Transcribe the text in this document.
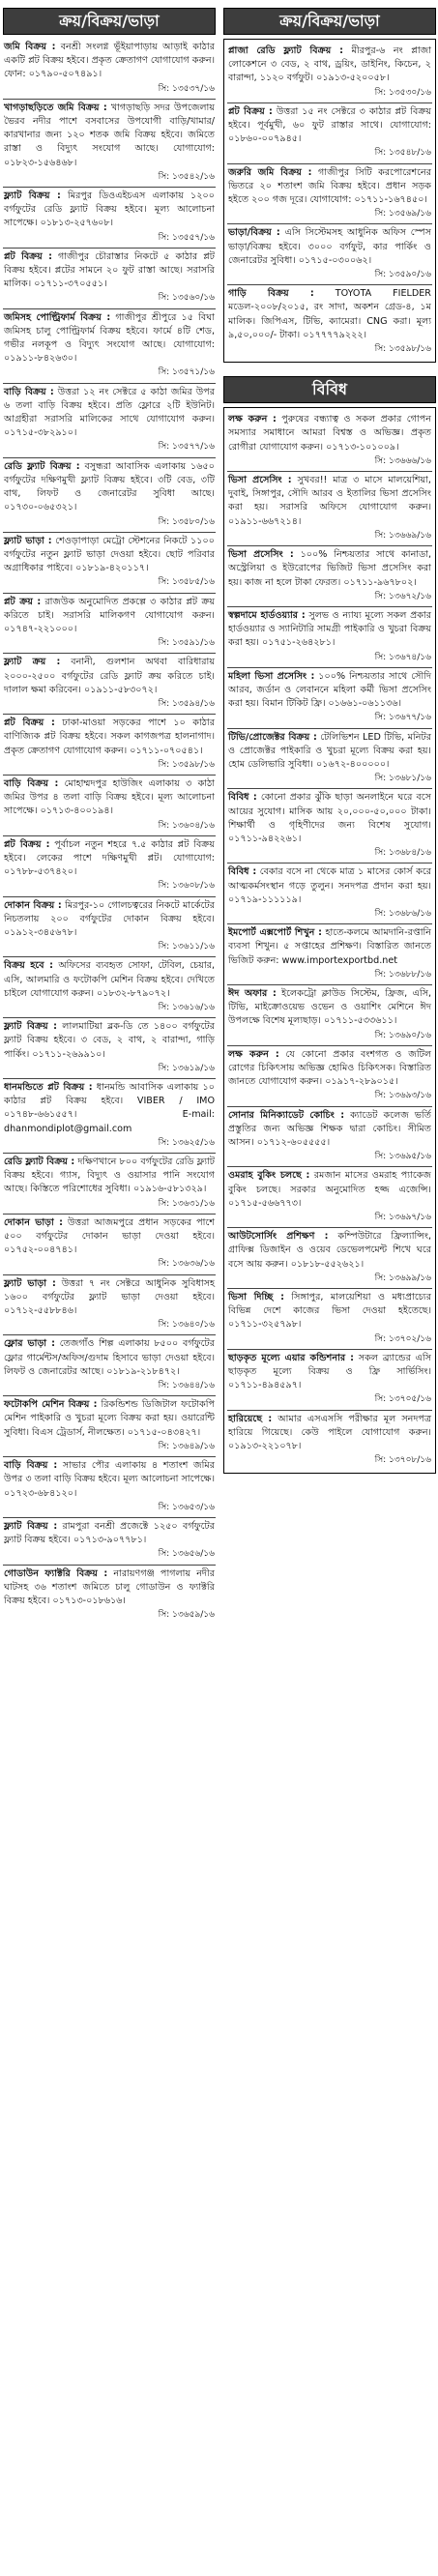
ক্রয়/বিক্রয়/ভাড়া
জমি বিক্রয় : বনশ্রী সংলগ্ন ভূঁইয়াপাড়ায় আড়াই কাঠার একটি প্লট বিক্রয় হইবে। প্রকৃত ক্রেতাগণ যোগাযোগ করুন। ফোন: ০১৭৯০-৫০৭৪৯১।
সি: ১৩৫৩৭/১৬
খাগড়াছড়িতে জমি বিক্রয় : খাগড়াছড়ি সদর উপজেলায় ভৈরব নদীর পাশে বসবাসের উপযোগী বাড়ি/খামার/কারখানার জন্য ১২০ শতক জমি বিক্রয় হইবে। জমিতে রাস্তা ও বিদ্যুৎ সংযোগ আছে। যোগাযোগ: ০১৮২৩-১৫৬৪৬৮।
সি: ১৩৫৪২/১৬
ফ্ল্যাট বিক্রয় : মিরপুর ডিওএইচএস এলাকায় ১২০০ বর্গফুটের রেডি ফ্ল্যাট বিক্রয় হইবে। মূল্য আলোচনা সাপেক্ষে। ০১৮১৩-২৫৭৬০৮।
সি: ১৩৫৫৭/১৬
প্লট বিক্রয় : গাজীপুর চৌরাস্তার নিকটে ৫ কাঠার প্লট বিক্রয় হইবে। প্লটের সামনে ২০ ফুট রাস্তা আছে। সরাসরি মালিক। ০১৭১১-৩৭০৫৫১।
সি: ১৩৫৬০/১৬
জমিসহ পোল্ট্রিফার্ম বিক্রয় : গাজীপুর শ্রীপুরে ১৫ বিঘা জমিসহ চালু পোল্ট্রিফার্ম বিক্রয় হইবে। ফার্মে ৪টি শেড, গভীর নলকূপ ও বিদ্যুৎ সংযোগ আছে। যোগাযোগ: ০১৯১১-৮৪২৬৩০।
সি: ১৩৫৭১/১৬
বাড়ি বিক্রয় : উত্তরা ১২ নং সেক্টরে ৫ কাঠা জমির উপর ৬ তলা বাড়ি বিক্রয় হইবে। প্রতি ফ্লোরে ২টি ইউনিট। আগ্রহীরা সরাসরি মালিকের সাথে যোগাযোগ করুন। ০১৭১৫-৩৮২৯১০।
সি: ১৩৫৭৭/১৬
রেডি ফ্ল্যাট বিক্রয় : বসুন্ধরা আবাসিক এলাকায় ১৬৫০ বর্গফুটের দক্ষিণমুখী ফ্ল্যাট বিক্রয় হইবে। ৩টি বেড, ৩টি বাথ, লিফট ও জেনারেটর সুবিধা আছে। ০১৭৩০-০৬৫৩২১।
সি: ১৩৫৮০/১৬
ফ্ল্যাট ভাড়া : শেওড়াপাড়া মেট্রো স্টেশনের নিকটে ১১০০ বর্গফুটের নতুন ফ্ল্যাট ভাড়া দেওয়া হইবে। ছোট পরিবার অগ্রাধিকার পাইবে। ০১৮১৯-৪২০১১৭।
সি: ১৩৫৮৫/১৬
প্লট ক্রয় : রাজউক অনুমোদিত প্রকল্পে ৩ কাঠার প্লট ক্রয় করিতে চাই। সরাসরি মালিকগণ যোগাযোগ করুন। ০১৭৪৭-২২১০০০।
সি: ১৩৫৯১/১৬
ফ্ল্যাট ক্রয় : বনানী, গুলশান অথবা বারিধারায় ২০০০-২৫০০ বর্গফুটের রেডি ফ্ল্যাট ক্রয় করিতে চাই। দালাল ক্ষমা করিবেন। ০১৯১১-৫৮৩০৭২।
সি: ১৩৫৯৪/১৬
প্লট বিক্রয় : ঢাকা-মাওয়া সড়কের পাশে ১০ কাঠার বাণিজ্যিক প্লট বিক্রয় হইবে। সকল কাগজপত্র হালনাগাদ। প্রকৃত ক্রেতাগণ যোগাযোগ করুন। ০১৭১১-০৭০৫৪১।
সি: ১৩৫৯৮/১৬
বাড়ি বিক্রয় : মোহাম্মদপুর হাউজিং এলাকায় ৩ কাঠা জমির উপর ৪ তলা বাড়ি বিক্রয় হইবে। মূল্য আলোচনা সাপেক্ষে। ০১৭১৩-৪০০১৯৪।
সি: ১৩৬০৪/১৬
প্লট বিক্রয় : পূর্বাচল নতুন শহরে ৭.৫ কাঠার প্লট বিক্রয় হইবে। লেকের পাশে দক্ষিণমুখী প্লট। যোগাযোগ: ০১৭৮৮-৫৩৭৪২০।
সি: ১৩৬০৮/১৬
দোকান বিক্রয় : মিরপুর-১০ গোলচত্বরের নিকটে মার্কেটের নিচতলায় ২০০ বর্গফুটের দোকান বিক্রয় হইবে। ০১৯১২-৩৪৫৬৭৮।
সি: ১৩৬১১/১৬
বিক্রয় হবে : অফিসের ব্যবহৃত সোফা, টেবিল, চেয়ার, এসি, আলমারি ও ফটোকপি মেশিন বিক্রয় হইবে। দেখিতে চাইলে যোগাযোগ করুন। ০১৮৩২-৮৭৯০৭২।
সি: ১৩৬১৬/১৬
ফ্ল্যাট বিক্রয় : লালমাটিয়া ব্লক-ডি তে ১৪০০ বর্গফুটের ফ্ল্যাট বিক্রয় হইবে। ৩ বেড, ২ বাথ, ২ বারান্দা, গাড়ি পার্কিং। ০১৭১১-২৬৯৯১০।
সি: ১৩৬১৯/১৬
ধানমন্ডিতে প্লট বিক্রয় : ধানমন্ডি আবাসিক এলাকায় ১০ কাঠার প্লট বিক্রয় হইবে। VIBER / IMO ০১৭৪৮-৬৬১৫৫৭। E-mail: dhanmondiplot@gmail.com
সি: ১৩৬২৫/১৬
রেডি ফ্ল্যাট বিক্রয় : দক্ষিণখানে ৮০০ বর্গফুটের রেডি ফ্ল্যাট বিক্রয় হইবে। গ্যাস, বিদ্যুৎ ও ওয়াসার পানি সংযোগ আছে। কিস্তিতে পরিশোধের সুবিধা। ০১৯১৬-৫৮১৩২৯।
সি: ১৩৬৩১/১৬
দোকান ভাড়া : উত্তরা আজমপুরে প্রধান সড়কের পাশে ৫০০ বর্গফুটের দোকান ভাড়া দেওয়া হইবে। ০১৭৫২-০০৪৭৪১।
সি: ১৩৬৩৬/১৬
ফ্ল্যাট ভাড়া : উত্তরা ৭ নং সেক্টরে আধুনিক সুবিধাসহ ১৬০০ বর্গফুটের ফ্ল্যাট ভাড়া দেওয়া হইবে। ০১৭১২-৫৫৮৮৪৬।
সি: ১৩৬৪০/১৬
ফ্লোর ভাড়া : তেজগাঁও শিল্প এলাকায় ৮৫০০ বর্গফুটের ফ্লোর গার্মেন্টস/অফিস/গুদাম হিসাবে ভাড়া দেওয়া হইবে। লিফট ও জেনারেটর আছে। ০১৮১৯-২১৮৪৭২।
সি: ১৩৬৪৪/১৬
ফটোকপি মেশিন বিক্রয় : রিকন্ডিশন্ড ডিজিটাল ফটোকপি মেশিন পাইকারি ও খুচরা মূল্যে বিক্রয় করা হয়। ওয়ারেন্টি সুবিধা। বিএস ট্রেডার্স, নীলক্ষেত। ০১৭১৫-০৪৩৪২৭।
সি: ১৩৬৪৯/১৬
বাড়ি বিক্রয় : সাভার পৌর এলাকায় ৪ শতাংশ জমির উপর ৩ তলা বাড়ি বিক্রয় হইবে। মূল্য আলোচনা সাপেক্ষে। ০১৭২৩-৬৮৪১২০।
সি: ১৩৬৫৩/১৬
ফ্ল্যাট বিক্রয় : রামপুরা বনশ্রী প্রজেক্টে ১২৫০ বর্গফুটের ফ্ল্যাট বিক্রয় হইবে। ০১৭১৩-৯০৭৭৮১।
সি: ১৩৬৫৬/১৬
গোডাউন ফ্যাক্টরি বিক্রয় : নারায়ণগঞ্জ পাগলায় নদীর ঘাটসহ ৩৬ শতাংশ জমিতে চালু গোডাউন ও ফ্যাক্টরি বিক্রয় হইবে। ০১৭১৩-০১৮৬১৬।
সি: ১৩৬৫৯/১৬
ক্রয়/বিক্রয়/ভাড়া
প্লাজা রেডি ফ্ল্যাট বিক্রয় : মীরপুর-৬ নং প্লাজা লোকেশনে ৩ বেড, ২ বাথ, ড্রয়িং, ডাইনিং, কিচেন, ২ বারান্দা, ১১২০ বর্গফুট। ০১৯১৩-৫২০০৫৮।
সি: ১৩৫৩০/১৬
প্লট বিক্রয় : উত্তরা ১৫ নং সেক্টরে ৩ কাঠার প্লট বিক্রয় হইবে। পূর্বমুখী, ৬০ ফুট রাস্তার সাথে। যোগাযোগ: ০১৮৬০-০০৭৯৪৫।
সি: ১৩৫৪৮/১৬
জরুরি জমি বিক্রয় : গাজীপুর সিটি করপোরেশনের ভিতরে ২০ শতাংশ জমি বিক্রয় হইবে। প্রধান সড়ক হইতে ২০০ গজ দূরে। যোগাযোগ: ০১৭১১-১৬৭৪৫০।
সি: ১৩৫৬৯/১৬
ভাড়া/বিক্রয় : এসি সিস্টেমসহ আধুনিক অফিস স্পেস ভাড়া/বিক্রয় হইবে। ৩০০০ বর্গফুট, কার পার্কিং ও জেনারেটর সুবিধা। ০১৭১৫-০৩০০৬২।
সি: ১৩৫৯০/১৬
গাড়ি বিক্রয় : TOYOTA FIELDER মডেল-২০০৮/২০১৫, রং সাদা, অকশন গ্রেড-৪, ১ম মালিক। জিপিএস, টিভি, ক্যামেরা। CNG করা। মূল্য ৯,৫০,০০০/- টাকা। ০১৭৭৭৭৯২২২।
সি: ১৩৫৯৮/১৬
বিবিধ
লক্ষ করুন : পুরুষের বন্ধ্যাত্ব ও সকল প্রকার গোপন সমস্যার সমাধানে আমরা বিশ্বস্ত ও অভিজ্ঞ। প্রকৃত রোগীরা যোগাযোগ করুন। ০১৭১৩-১০১০০৯।
সি: ১৩৬৬৬/১৬
ভিসা প্রসেসিং : সুখবর!! মাত্র ৩ মাসে মালয়েশিয়া, দুবাই, সিঙ্গাপুর, সৌদি আরব ও ইতালির ভিসা প্রসেসিং করা হয়। সরাসরি অফিসে যোগাযোগ করুন। ০১৯১১-৬৬৭২১৪।
সি: ১৩৬৬৯/১৬
ভিসা প্রসেসিং : ১০০% নিশ্চয়তার সাথে কানাডা, অস্ট্রেলিয়া ও ইউরোপের ভিজিট ভিসা প্রসেসিং করা হয়। কাজ না হলে টাকা ফেরত। ০১৭১১-৯৬৭৮০২।
সি: ১৩৬৭২/১৬
স্বল্পদামে হার্ডওয়্যার : সুলভ ও ন্যায্য মূল্যে সকল প্রকার হার্ডওয়্যার ও স্যানিটারি সামগ্রী পাইকারি ও খুচরা বিক্রয় করা হয়। ০১৭৫১-২৬৪২৮১।
সি: ১৩৬৭৪/১৬
মহিলা ভিসা প্রসেসিং : ১০০% নিশ্চয়তার সাথে সৌদি আরব, জর্ডান ও লেবাননে মহিলা কর্মী ভিসা প্রসেসিং করা হয়। বিমান টিকিট ফ্রি। ০১৬৬১-০৬১১৩৬।
সি: ১৩৬৭৭/১৬
টিভি/প্রোজেক্টর বিক্রয় : টেলিভিশন LED টিভি, মনিটর ও প্রোজেক্টর পাইকারি ও খুচরা মূল্যে বিক্রয় করা হয়। হোম ডেলিভারি সুবিধা। ০১৬৭২-৪০০০০০।
সি: ১৩৬৮১/১৬
বিবিধ : কোনো প্রকার ঝুঁকি ছাড়া অনলাইনে ঘরে বসে আয়ের সুযোগ। মাসিক আয় ২০,০০০-৫০,০০০ টাকা। শিক্ষার্থী ও গৃহিণীদের জন্য বিশেষ সুযোগ। ০১৭১১-৯৪২২৬১।
সি: ১৩৬৮৪/১৬
বিবিধ : বেকার বসে না থেকে মাত্র ১ মাসের কোর্স করে আত্মকর্মসংস্থান গড়ে তুলুন। সনদপত্র প্রদান করা হয়। ০১৭১৯-১১১১১৯।
সি: ১৩৬৮৬/১৬
ইমপোর্ট এক্সপোর্ট শিখুন : হাতে-কলমে আমদানি-রপ্তানি ব্যবসা শিখুন। ৫ সপ্তাহের প্রশিক্ষণ। বিস্তারিত জানতে ভিজিট করুন: www.importexportbd.net
সি: ১৩৬৮৮/১৬
ঈদ অফার : ইলেকট্রো ক্লাউড সিস্টেম, ফ্রিজ, এসি, টিভি, মাইক্রোওয়েভ ওভেন ও ওয়াশিং মেশিনে ঈদ উপলক্ষে বিশেষ মূল্যছাড়। ০১৭১১-৫৩৩৬১১।
সি: ১৩৬৯০/১৬
লক্ষ করুন : যে কোনো প্রকার বংশগত ও জটিল রোগের চিকিৎসায় অভিজ্ঞ হোমিও চিকিৎসক। বিস্তারিত জানতে যোগাযোগ করুন। ০১৯১৭-২৮৯০১৫।
সি: ১৩৬৯৩/১৬
সোনার মিনিক্যাডেট কোচিং : ক্যাডেট কলেজ ভর্তি প্রস্তুতির জন্য অভিজ্ঞ শিক্ষক দ্বারা কোচিং। সীমিত আসন। ০১৭১২-৬০৫৫৫৫।
সি: ১৩৬৯৫/১৬
ওমরাহ বুকিং চলছে : রমজান মাসের ওমরাহ প্যাকেজ বুকিং চলছে। সরকার অনুমোদিত হজ্জ এজেন্সি। ০১৭১৫-৫৬৬৭৭৩।
সি: ১৩৬৯৭/১৬
আউটসোর্সিং প্রশিক্ষণ : কম্পিউটারে ফ্রিল্যান্সিং, গ্রাফিক্স ডিজাইন ও ওয়েব ডেভেলপমেন্ট শিখে ঘরে বসে আয় করুন। ০১৮১৮-৫৫২৬২১।
সি: ১৩৬৯৯/১৬
ভিসা দিচ্ছি : সিঙ্গাপুর, মালয়েশিয়া ও মধ্যপ্রাচ্যের বিভিন্ন দেশে কাজের ভিসা দেওয়া হইতেছে। ০১৭১১-৩২৫৭৯৮।
সি: ১৩৭০২/১৬
ছাড়কৃত মূল্যে এয়ার কন্ডিশনার : সকল ব্র্যান্ডের এসি ছাড়কৃত মূল্যে বিক্রয় ও ফ্রি সার্ভিসিং। ০১৭১১-৪৯৪৫৯৭।
সি: ১৩৭০৫/১৬
হারিয়েছে : আমার এসএসসি পরীক্ষার মূল সনদপত্র হারিয়ে গিয়েছে। কেউ পাইলে যোগাযোগ করুন। ০১৯১৩-২২১০৭৮।
সি: ১৩৭০৮/১৬
